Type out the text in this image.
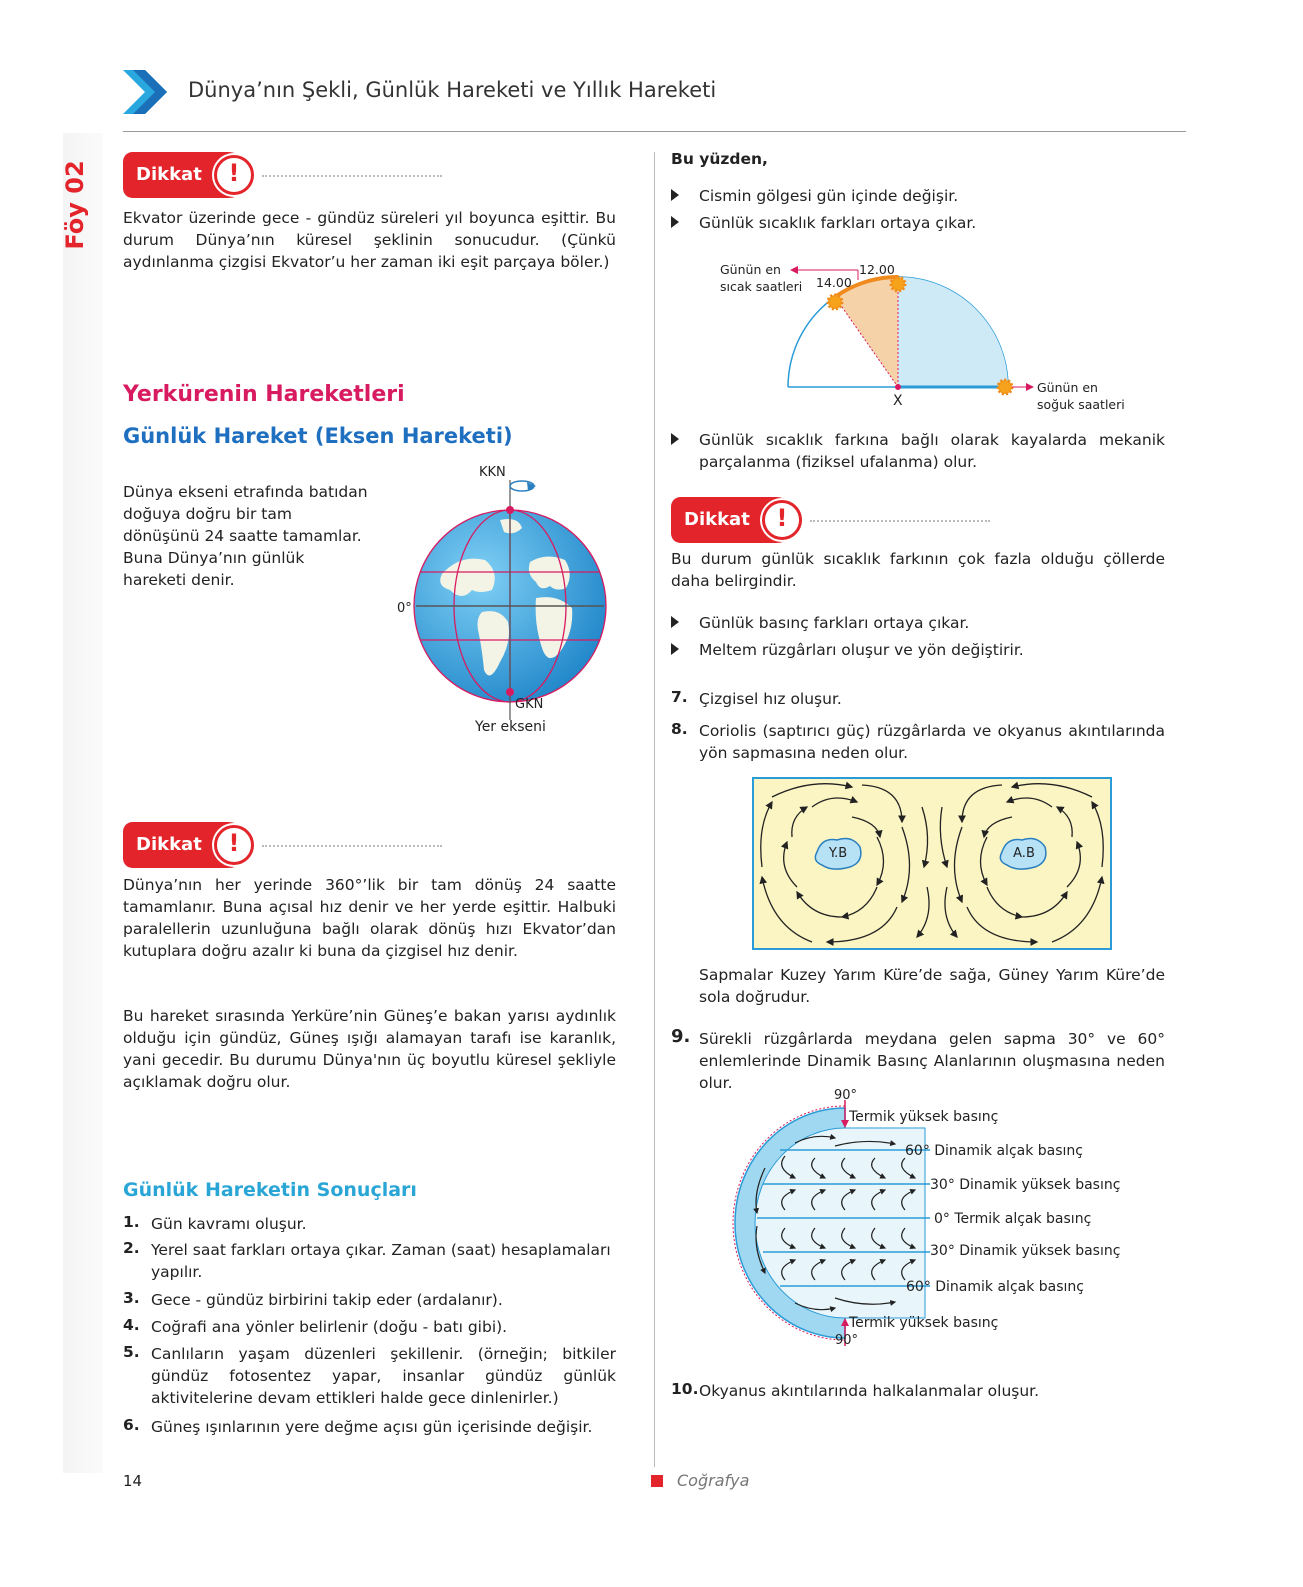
Dünya’nın Şekli, Günlük Hareketi ve Yıllık Hareketi
Föy 02	Dikkat	!
Ekvator üzerinde gece - gündüz süreleri yıl boyunca eşittir. Bu durum Dünya’nın küresel şeklinin sonucudur. (Çünkü aydınlanma çizgisi Ekvator’u her zaman iki eşit parçaya böler.)
Yerkürenin Hareketleri
Günlük Hareket (Eksen Hareketi)
Dünya ekseni etrafında batıdan doğuya doğru bir tam dönüşünü 24 saatte tamamlar. Buna Dünya’nın günlük hareketi denir.
KKN
0°
GKN
Yer ekseni
Dikkat	!
Dünya’nın her yerinde 360°’lik bir tam dönüş 24 saatte tamamlanır. Buna açısal hız denir ve her yerde eşittir. Halbuki paralellerin uzunluğuna bağlı olarak dönüş hızı Ekvator’dan kutuplara doğru azalır ki buna da çizgisel hız denir.
Bu hareket sırasında Yerküre’nin Güneş’e bakan yarısı aydınlık olduğu için gündüz, Güneş ışığı alamayan tarafı ise karanlık, yani gecedir. Bu durumu Dünya'nın üç boyutlu küresel şekliyle açıklamak doğru olur.
Günlük Hareketin Sonuçları
1. Gün kavramı oluşur.
2. Yerel saat farkları ortaya çıkar. Zaman (saat) hesaplamaları yapılır.
3. Gece - gündüz birbirini takip eder (ardalanır).
4. Coğrafi ana yönler belirlenir (doğu - batı gibi).
5. Canlıların yaşam düzenleri şekillenir. (örneğin; bitkiler gündüz fotosentez yapar, insanlar gündüz günlük aktivitelerine devam ettikleri halde gece dinlenirler.)
6. Güneş ışınlarının yere değme açısı gün içerisinde değişir.
Bu yüzden,
Cismin gölgesi gün içinde değişir.
Günlük sıcaklık farkları ortaya çıkar.
Günün en
sıcak saatleri
12.00
14.00
X
Günün en
soğuk saatleri
Günlük sıcaklık farkına bağlı olarak kayalarda mekanik parçalanma (fiziksel ufalanma) olur.
Dikkat	!
Bu durum günlük sıcaklık farkının çok fazla olduğu çöllerde daha belirgindir.
Günlük basınç farkları ortaya çıkar.
Meltem rüzgârları oluşur ve yön değiştirir.
7. Çizgisel hız oluşur.
8. Coriolis (saptırıcı güç) rüzgârlarda ve okyanus akıntılarında yön sapmasına neden olur.
Y.B	A.B
Sapmalar Kuzey Yarım Küre’de sağa, Güney Yarım Küre’de sola doğrudur.
9. Sürekli rüzgârlarda meydana gelen sapma 30° ve 60° enlemlerinde Dinamik Basınç Alanlarının oluşmasına neden olur.
90°
Termik yüksek basınç
60° Dinamik alçak basınç
30° Dinamik yüksek basınç
0° Termik alçak basınç
30° Dinamik yüksek basınç
60° Dinamik alçak basınç
Termik yüksek basınç
90°
10. Okyanus akıntılarında halkalanmalar oluşur.
14	Coğrafya
